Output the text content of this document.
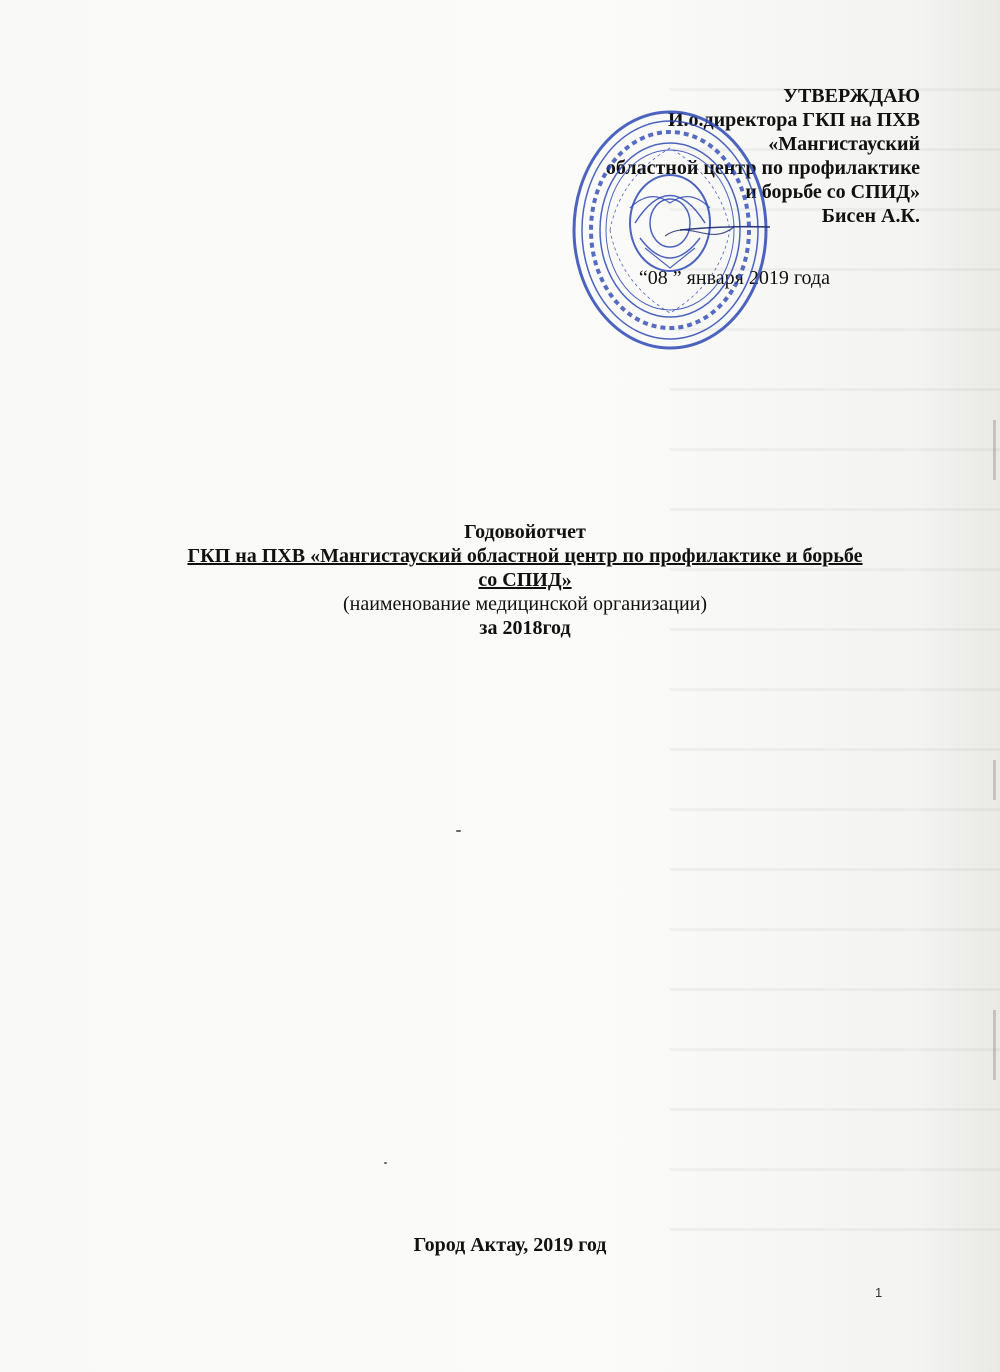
УТВЕРЖДАЮ
И.о.директора ГКП на ПХВ
«Мангистауский
областной центр по профилактике
и борьбе со СПИД»
Бисен А.К.
“08 ” января 2019 года
Годовойотчет
ГКП на ПХВ «Мангистауский областной центр по профилактике и борьбе
со СПИД»
(наименование медицинской организации)
за 2018год
Город Актау, 2019 год
1
